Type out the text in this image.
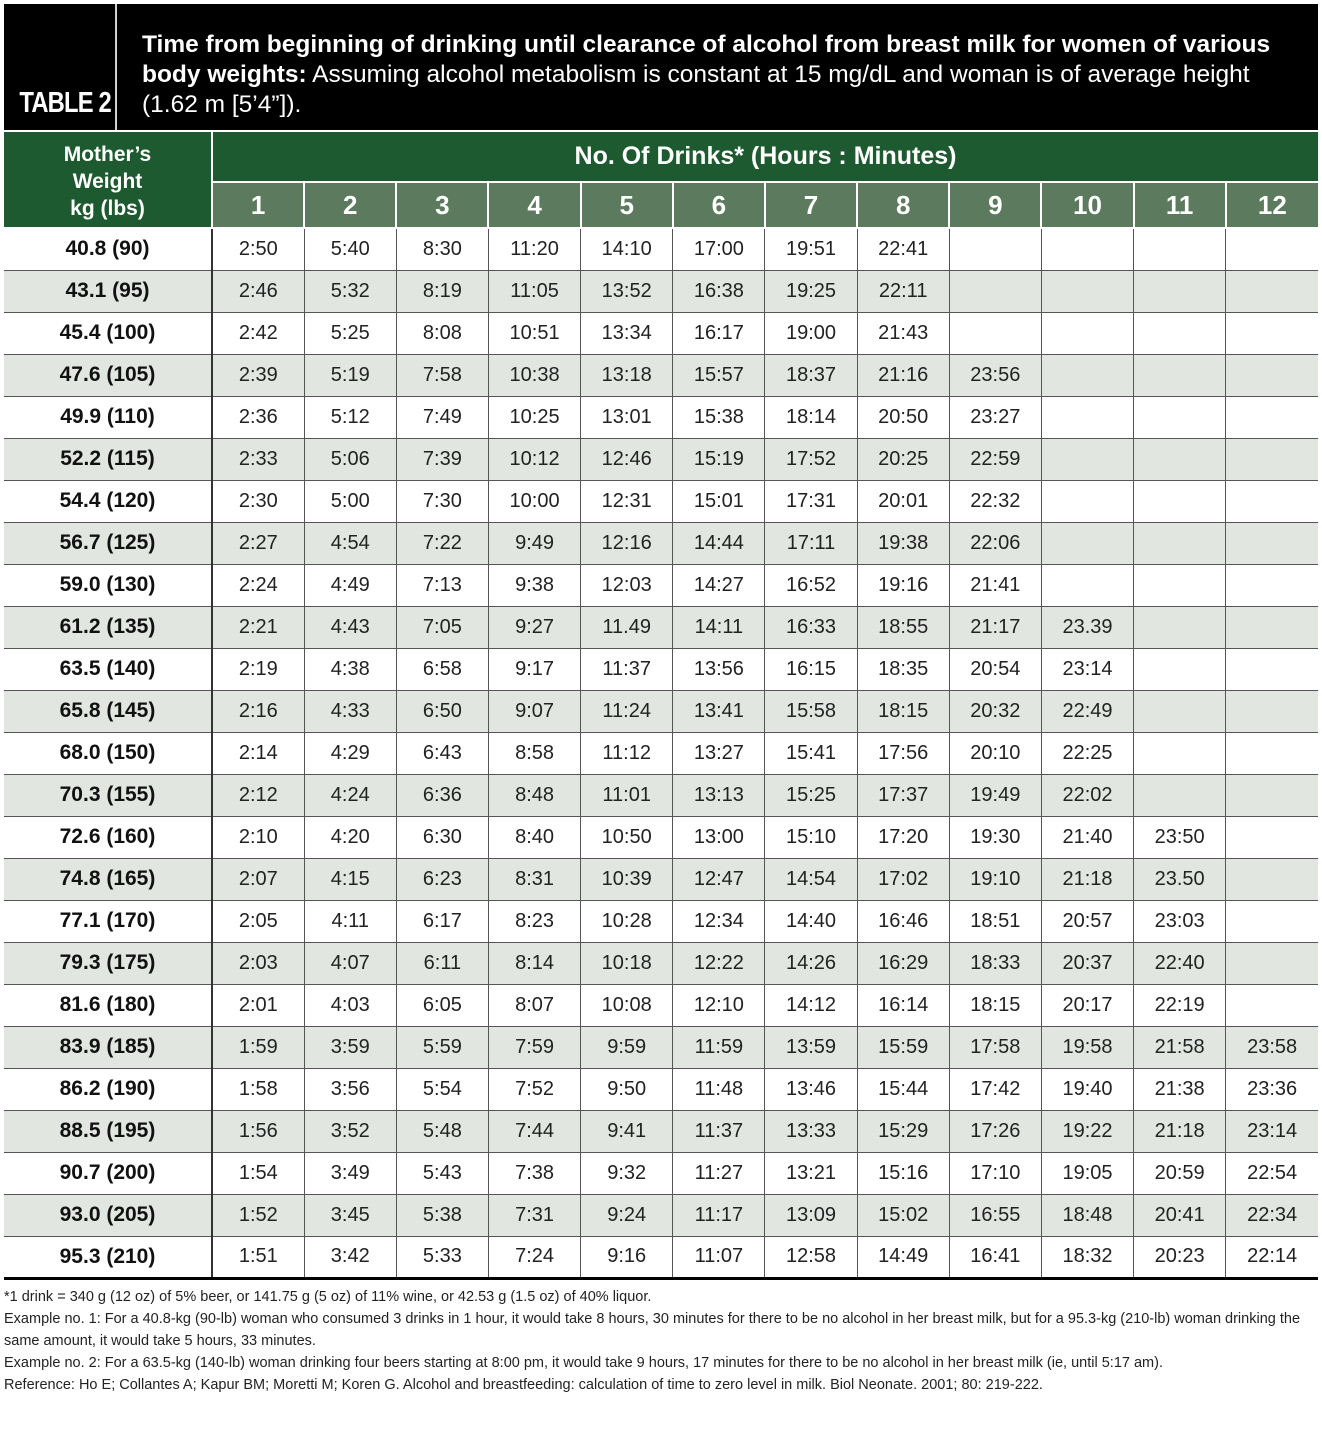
TABLE 2
Time from beginning of drinking until clearance of alcohol from breast milk for women of various body weights: Assuming alcohol metabolism is constant at 15 mg/dL and woman is of average height (1.62 m [5’4”]).
Mother’s
Weight
kg (lbs)	No. Of Drinks* (Hours : Minutes)											
	1	2	3	4	5	6	7	8	9	10	11	12
40.8 (90)	2:50	5:40	8:30	11:20	14:10	17:00	19:51	22:41				
43.1 (95)	2:46	5:32	8:19	11:05	13:52	16:38	19:25	22:11				
45.4 (100)	2:42	5:25	8:08	10:51	13:34	16:17	19:00	21:43				
47.6 (105)	2:39	5:19	7:58	10:38	13:18	15:57	18:37	21:16	23:56			
49.9 (110)	2:36	5:12	7:49	10:25	13:01	15:38	18:14	20:50	23:27			
52.2 (115)	2:33	5:06	7:39	10:12	12:46	15:19	17:52	20:25	22:59			
54.4 (120)	2:30	5:00	7:30	10:00	12:31	15:01	17:31	20:01	22:32			
56.7 (125)	2:27	4:54	7:22	9:49	12:16	14:44	17:11	19:38	22:06			
59.0 (130)	2:24	4:49	7:13	9:38	12:03	14:27	16:52	19:16	21:41			
61.2 (135)	2:21	4:43	7:05	9:27	11.49	14:11	16:33	18:55	21:17	23.39		
63.5 (140)	2:19	4:38	6:58	9:17	11:37	13:56	16:15	18:35	20:54	23:14		
65.8 (145)	2:16	4:33	6:50	9:07	11:24	13:41	15:58	18:15	20:32	22:49		
68.0 (150)	2:14	4:29	6:43	8:58	11:12	13:27	15:41	17:56	20:10	22:25		
70.3 (155)	2:12	4:24	6:36	8:48	11:01	13:13	15:25	17:37	19:49	22:02		
72.6 (160)	2:10	4:20	6:30	8:40	10:50	13:00	15:10	17:20	19:30	21:40	23:50	
74.8 (165)	2:07	4:15	6:23	8:31	10:39	12:47	14:54	17:02	19:10	21:18	23.50	
77.1 (170)	2:05	4:11	6:17	8:23	10:28	12:34	14:40	16:46	18:51	20:57	23:03	
79.3 (175)	2:03	4:07	6:11	8:14	10:18	12:22	14:26	16:29	18:33	20:37	22:40	
81.6 (180)	2:01	4:03	6:05	8:07	10:08	12:10	14:12	16:14	18:15	20:17	22:19	
83.9 (185)	1:59	3:59	5:59	7:59	9:59	11:59	13:59	15:59	17:58	19:58	21:58	23:58
86.2 (190)	1:58	3:56	5:54	7:52	9:50	11:48	13:46	15:44	17:42	19:40	21:38	23:36
88.5 (195)	1:56	3:52	5:48	7:44	9:41	11:37	13:33	15:29	17:26	19:22	21:18	23:14
90.7 (200)	1:54	3:49	5:43	7:38	9:32	11:27	13:21	15:16	17:10	19:05	20:59	22:54
93.0 (205)	1:52	3:45	5:38	7:31	9:24	11:17	13:09	15:02	16:55	18:48	20:41	22:34
95.3 (210)	1:51	3:42	5:33	7:24	9:16	11:07	12:58	14:49	16:41	18:32	20:23	22:14
*1 drink = 340 g (12 oz) of 5% beer, or 141.75 g (5 oz) of 11% wine, or 42.53 g (1.5 oz) of 40% liquor.
Example no. 1: For a 40.8-kg (90-lb) woman who consumed 3 drinks in 1 hour, it would take 8 hours, 30 minutes for there to be no alcohol in her breast milk, but for a 95.3-kg (210-lb) woman drinking the same amount, it would take 5 hours, 33 minutes.
Example no. 2: For a 63.5-kg (140-lb) woman drinking four beers starting at 8:00 pm, it would take 9 hours, 17 minutes for there to be no alcohol in her breast milk (ie, until 5:17 am).
Reference: Ho E; Collantes A; Kapur BM; Moretti M; Koren G. Alcohol and breastfeeding: calculation of time to zero level in milk. Biol Neonate. 2001; 80: 219-222.
